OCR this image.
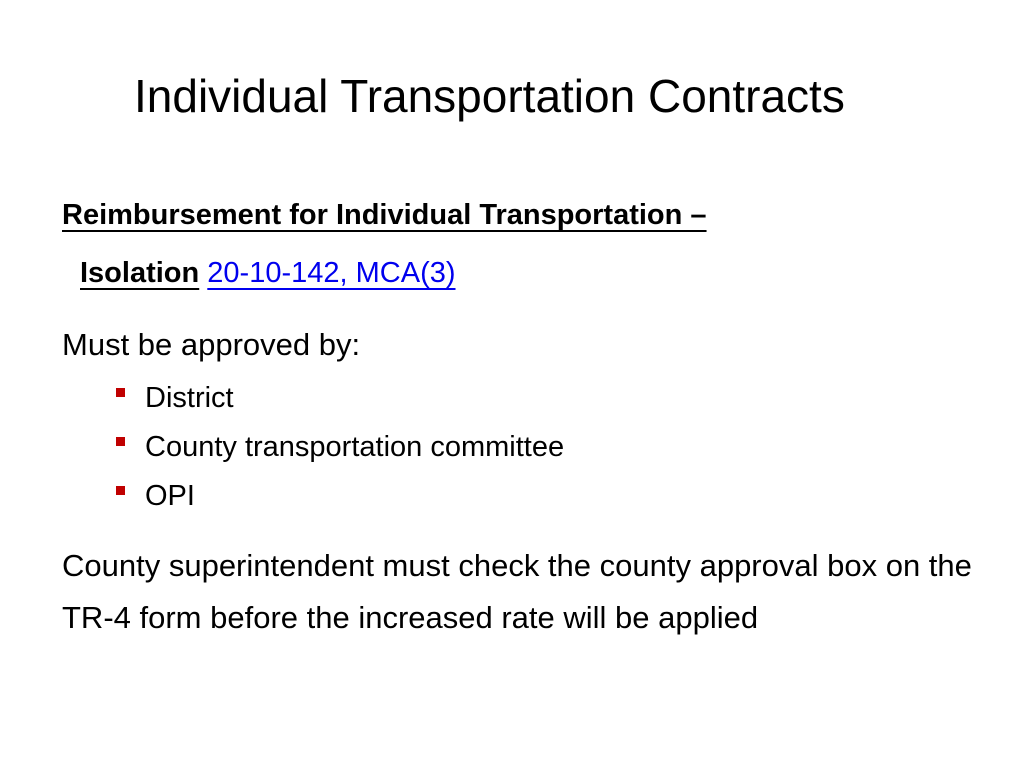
Individual Transportation Contracts
Reimbursement for Individual Transportation –
Isolation 20-10-142, MCA(3)
Must be approved by:
District
County transportation committee
OPI
County superintendent must check the county approval box on the TR-4 form before the increased rate will be applied
